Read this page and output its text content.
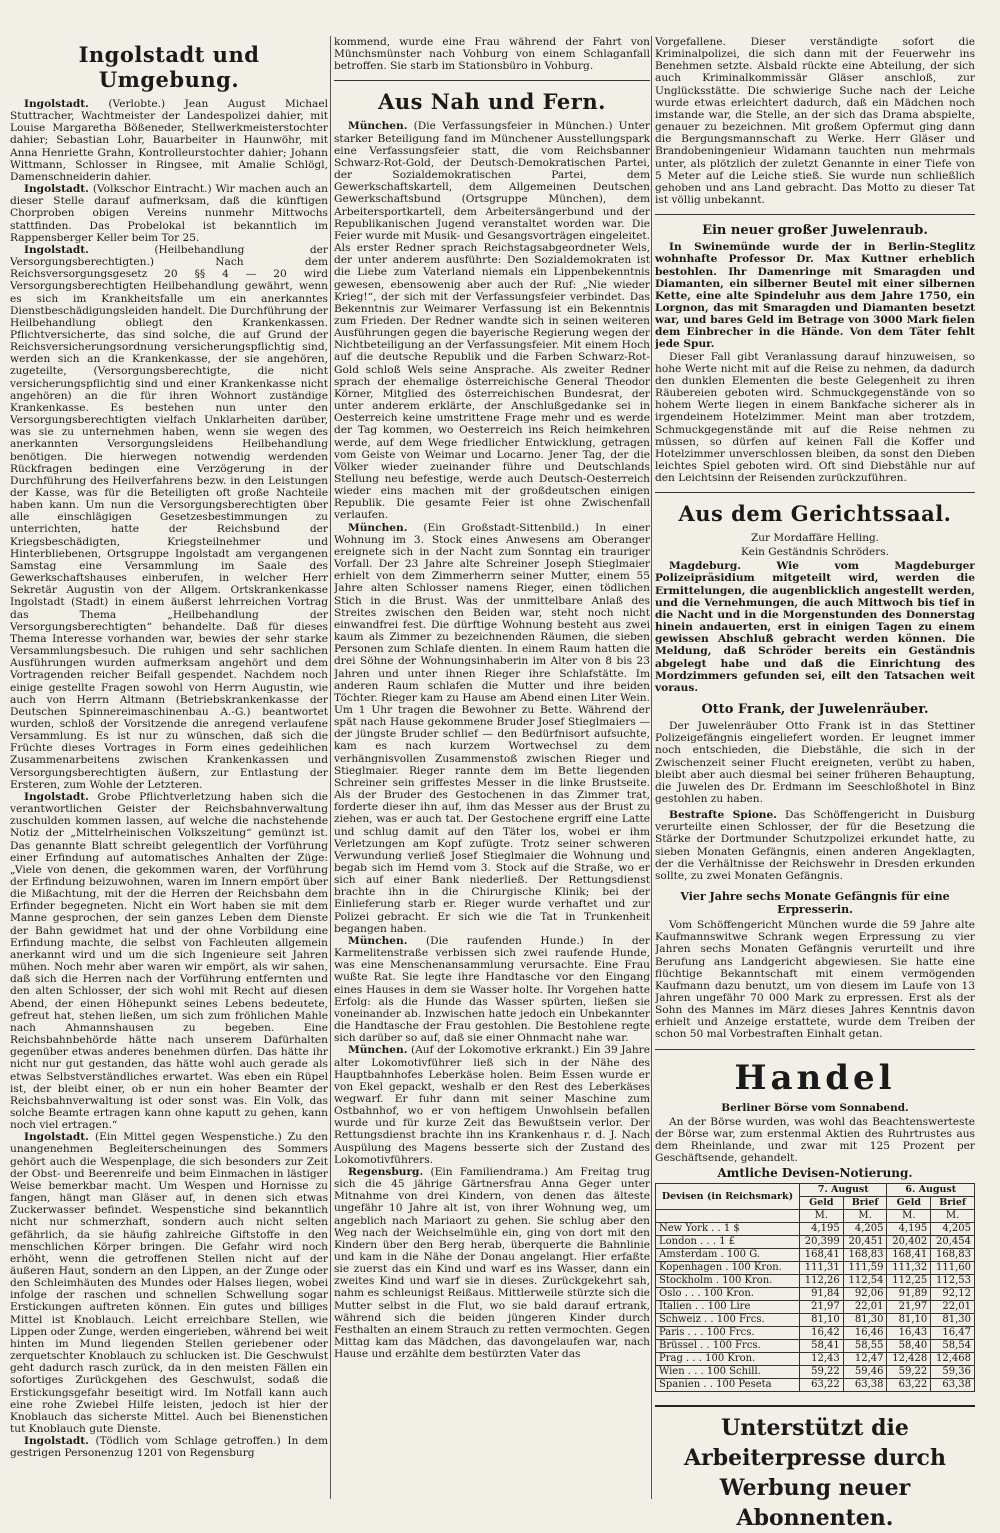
Ingolstadt und Umgebung.

Ingolstadt. (Verlobte.) Jean August Michael Stuttracher, Wachtmeister der Landespolizei dahier, mit Louise Margaretha Bößeneder, Stellwerkmeisterstochter dahier; Sebastian Lohr, Bauarbeiter in Haunwöhr, mit Anna Henriette Grahn, Kontrolleurstochter dahier; Johann Wittmann, Schlosser in Ringsee, mit Amalie Schlögl, Damenschneiderin dahier.

Ingolstadt. (Volkschor Eintracht.) Wir machen auch an dieser Stelle darauf aufmerksam, daß die künftigen Chorproben obigen Vereins nunmehr Mittwochs stattfinden. Das Probelokal ist bekanntlich im Rappensberger Keller beim Tor 25.

Ingolstadt.	(Heilbehandlung der Versorgungsberechtigten.) Nach dem Reichsversorgungsgesetz 20 §§ 4 — 20 wird Versorgungsberechtigten Heilbehandlung gewährt, wenn es sich im Krankheitsfalle um ein anerkanntes Dienstbeschädigungsleiden handelt. Die Durchführung der Heilbehandlung obliegt den Krankenkassen. Pflichtversicherte, das sind solche, die auf Grund der Reichsversicherungsordnung versicherungspflichtig sind, werden sich an die Krankenkasse, der sie angehören, zugeteilte, (Versorgungsberechtigte, die nicht versicherungspflichtig sind und einer Krankenkasse nicht angehören) an die für ihren Wohnort zuständige Krankenkasse. Es bestehen nun unter den Versorgungsberechtigten vielfach Unklarheiten darüber, was sie zu unternehmen haben, wenn sie wegen des anerkannten Versorgungsleidens Heilbehandlung benötigen. Die hierwegen notwendig werdenden Rückfragen bedingen eine Verzögerung in der Durchführung des Heilverfahrens bezw. in den Leistungen der Kasse, was für die Beteiligten oft große Nachteile haben kann. Um nun die Versorgungsberechtigten über alle einschlägigen Gesetzesbestimmungen zu unterrichten, hatte der Reichsbund der Kriegsbeschädigten, Kriegsteilnehmer und Hinterbliebenen, Ortsgruppe Ingolstadt am vergangenen Samstag eine Versammlung im Saale des Gewerkschaftshauses einberufen, in welcher Herr Sekretär Augustin von der Allgem. Ortskrankenkasse Ingolstadt (Stadt) in einem äußerst lehrreichen Vortrag das Thema „Heilbehandlung der Versorgungsberechtigten“ behandelte. Daß für dieses Thema Interesse vorhanden war, bewies der sehr starke Versammlungsbesuch. Die ruhigen und sehr sachlichen Ausführungen wurden aufmerksam angehört und dem Vortragenden reicher Beifall gespendet. Nachdem noch einige gestellte Fragen sowohl von Herrn Augustin, wie auch von Herrn Altmann (Betriebskrankenkasse der Deutschen Spinnereimaschinenbau A.-G.) beantwortet wurden, schloß der Vorsitzende die anregend verlaufene Versammlung. Es ist nur zu wünschen, daß sich die Früchte dieses Vortrages in Form eines gedeihlichen Zusammenarbeitens zwischen Krankenkassen und Versorgungsberechtigten äußern, zur Entlastung der Ersteren, zum Wohle der Letzteren.

Ingolstadt. Grobe Pflichtverletzung haben sich die verantwortlichen Geister der Reichsbahnverwaltung zuschulden kommen lassen, auf welche die nachstehende Notiz der „Mittelrheinischen Volkszeitung“ gemünzt ist. Das genannte Blatt schreibt gelegentlich der Vorführung einer Erfindung auf automatisches Anhalten der Züge: „Viele von denen, die gekommen waren, der Vorführung der Erfindung beizuwohnen, waren im Innern empört über die Mißachtung, mit der die Herren der Reichsbahn dem Erfinder begegneten. Nicht ein Wort haben sie mit dem Manne gesprochen, der sein ganzes Leben dem Dienste der Bahn gewidmet hat und der ohne Vorbildung eine Erfindung machte, die selbst von Fachleuten allgemein anerkannt wird und um die sich Ingenieure seit Jahren mühen. Noch mehr aber waren wir empört, als wir sahen, daß sich die Herren nach der Vorführung entfernten und den alten Schlosser, der sich wohl mit Recht auf diesen Abend, der einen Höhepunkt seines Lebens bedeutete, gefreut hat, stehen ließen, um sich zum fröhlichen Mahle nach Ahmannshausen zu begeben. Eine Reichsbahnbehörde hätte nach unserem Dafürhalten gegenüber etwas anderes benehmen dürfen. Das hätte ihr nicht nur gut gestanden, das hätte wohl auch gerade als etwas Selbstverständliches erwartet. Was eben ein Rüpel ist, der bleibt einer, ob er nun ein hoher Beamter der Reichsbahnverwaltung ist oder sonst was. Ein Volk, das solche Beamte ertragen kann ohne kaputt zu gehen, kann noch viel ertragen.“

Ingolstadt. (Ein Mittel gegen Wespenstiche.) Zu den unangenehmen Begleiterscheinungen des Sommers gehört auch die Wespenplage, die sich besonders zur Zeit der Obst- und Beerenreife und beim Einmachen in lästiger Weise bemerkbar macht. Um Wespen und Hornisse zu fangen, hängt man Gläser auf, in denen sich etwas Zuckerwasser befindet. Wespenstiche sind bekanntlich nicht nur schmerzhaft, sondern auch nicht selten gefährlich, da sie häufig zahlreiche Giftstoffe in den menschlichen Körper bringen. Die Gefahr wird noch erhöht, wenn die getroffenen Stellen nicht auf der äußeren Haut, sondern an den Lippen, an der Zunge oder den Schleimhäuten des Mundes oder Halses liegen, wobei infolge der raschen und schnellen Schwellung sogar Erstickungen auftreten können. Ein gutes und billiges Mittel ist Knoblauch. Leicht erreichbare Stellen, wie Lippen oder Zunge, werden eingerieben, während bei weit hinten im Mund liegenden Stellen geriebener oder zerquetschter Knoblauch zu schlucken ist. Die Geschwulst geht dadurch rasch zurück, da in den meisten Fällen ein sofortiges Zurückgehen des Geschwulst, sodaß die Erstickungsgefahr beseitigt wird. Im Notfall kann auch eine rohe Zwiebel Hilfe leisten, jedoch ist hier der Knoblauch das sicherste Mittel. Auch bei Bienenstichen tut Knoblauch gute Dienste.

Ingolstadt. (Tödlich vom Schlage getroffen.) In dem gestrigen Personenzug 1201 von Regensburg

kommend, wurde eine Frau während der Fahrt von Münchsmünster nach Vohburg von einem Schlaganfall betroffen. Sie starb im Stationsbüro in Vohburg.

Aus Nah und Fern.

München. (Die Verfassungsfeier in München.) Unter starker Beteiligung fand im Münchener Ausstellungspark eine Verfassungsfeier statt, die vom Reichsbanner Schwarz-Rot-Gold, der Deutsch-Demokratischen Partei, der Sozialdemokratischen Partei, dem Gewerkschaftskartell, dem Allgemeinen Deutschen Gewerkschaftsbund (Ortsgruppe München), dem Arbeitersportkartell, dem Arbeitersängerbund und der Republikanischen Jugend veranstaltet worden war. Die Feier wurde mit Musik- und Gesangsvorträgen eingeleitet. Als erster Redner sprach Reichstagsabgeordneter Wels, der unter anderem ausführte: Den Sozialdemokraten ist die Liebe zum Vaterland niemals ein Lippenbekenntnis gewesen, ebensowenig aber auch der Ruf: „Nie wieder Krieg!“, der sich mit der Verfassungsfeier verbindet. Das Bekenntnis zur Weimarer Verfassung ist ein Bekenntnis zum Frieden. Der Redner wandte sich in seinen weiteren Ausführungen gegen die bayerische Regierung wegen der Nichtbeteiligung an der Verfassungsfeier. Mit einem Hoch auf die deutsche Republik und die Farben Schwarz-Rot-Gold schloß Wels seine Ansprache. Als zweiter Redner sprach der ehemalige österreichische General Theodor Körner, Mitglied des österreichischen Bundesrat, der unter anderem erklärte, der Anschlußgedanke sei in Oesterreich keine umstrittene Frage mehr und es werde der Tag kommen, wo Oesterreich ins Reich heimkehren werde, auf dem Wege friedlicher Entwicklung, getragen vom Geiste von Weimar und Locarno. Jener Tag, der die Völker wieder zueinander führe und Deutschlands Stellung neu befestige, werde auch Deutsch-Oesterreich wieder eins machen mit der großdeutschen einigen Republik. Die gesamte Feier ist ohne Zwischenfall verlaufen.

München. (Ein Großstadt-Sittenbild.) In einer Wohnung im 3. Stock eines Anwesens am Oberanger ereignete sich in der Nacht zum Sonntag ein trauriger Vorfall. Der 23 Jahre alte Schreiner Joseph Stieglmaier erhielt von dem Zimmerherrn seiner Mutter, einem 55 Jahre alten Schlosser namens Rieger, einen tödlichen Stich in die Brust. Was der unmittelbare Anlaß des Streites zwischen den Beiden war, steht noch nicht einwandfrei fest. Die dürftige Wohnung besteht aus zwei kaum als Zimmer zu bezeichnenden Räumen, die sieben Personen zum Schlafe dienten. In einem Raum hatten die drei Söhne der Wohnungsinhaberin im Alter von 8 bis 23 Jahren und unter ihnen Rieger ihre Schlafstätte. Im anderen Raum schlafen die Mutter und ihre beiden Töchter. Rieger kam zu Hause am Abend einen Liter Wein. Um 1 Uhr tragen die Bewohner zu Bette. Während der spät nach Hause gekommene Bruder Josef Stieglmaiers — der jüngste Bruder schlief — den Bedürfnisort aufsuchte, kam es nach kurzem Wortwechsel zu dem verhängnisvollen Zusammenstoß zwischen Rieger und Stieglmaier. Rieger rannte dem im Bette liegenden Schreiner sein griffestes Messer in die linke Brustseite. Als der Bruder des Gestochenen in das Zimmer trat, forderte dieser ihn auf, ihm das Messer aus der Brust zu ziehen, was er auch tat. Der Gestochene ergriff eine Latte und schlug damit auf den Täter los, wobei er ihm Verletzungen am Kopf zufügte. Trotz seiner schweren Verwundung verließ Josef Stieglmaier die Wohnung und begab sich im Hemd vom 3. Stock auf die Straße, wo er sich auf einer Bank niederließ. Der Rettungsdienst brachte ihn in die Chirurgische Klinik; bei der Einlieferung starb er. Rieger wurde verhaftet und zur Polizei gebracht. Er sich wie die Tat in Trunkenheit begangen haben.

München. (Die raufenden Hunde.) In der Karmelitenstraße verbissen sich zwei raufende Hunde, was eine Menschenansammlung verursachte. Eine Frau wußte Rat. Sie legte ihre Handtasche vor den Eingang eines Hauses in dem sie Wasser holte. Ihr Vorgehen hatte Erfolg: als die Hunde das Wasser spürten, ließen sie voneinander ab. Inzwischen hatte jedoch ein Unbekannter die Handtasche der Frau gestohlen. Die Bestohlene regte sich darüber so auf, daß sie einer Ohnmacht nahe war.

München. (Auf der Lokomotive erkrankt.) Ein 39 Jahre alter Lokomotivführer ließ sich in der Nähe des Hauptbahnhofes Leberkäse holen. Beim Essen wurde er von Ekel gepackt, weshalb er den Rest des Leberkäses wegwarf. Er fuhr dann mit seiner Maschine zum Ostbahnhof, wo er von heftigem Unwohlsein befallen wurde und für kurze Zeit das Bewußtsein verlor. Der Rettungsdienst brachte ihn ins Krankenhaus r. d. J. Nach Auspülung des Magens besserte sich der Zustand des Lokomotivführers.

Regensburg. (Ein Familiendrama.) Am Freitag trug sich die 45 jährige Gärtnersfrau Anna Geger unter Mitnahme von drei Kindern, von denen das älteste ungefähr 10 Jahre alt ist, von ihrer Wohnung weg, um angeblich nach Mariaort zu gehen. Sie schlug aber den Weg nach der Weichselmühle ein, ging von dort mit den Kindern über den Berg herab, überquerte die Bahnlinie und kam in die Nähe der Donau angelangt. Hier erfaßte sie zuerst das ein Kind und warf es ins Wasser, dann ein zweites Kind und warf sie in dieses. Zurückgekehrt sah, nahm es schleunigst Reißaus. Mittlerweile stürzte sich die Mutter selbst in die Flut, wo sie bald darauf ertrank, während sich die beiden jüngeren Kinder durch Festhalten an einem Strauch zu retten vermochten. Gegen Mittag kam das Mädchen, das davongelaufen war, nach Hause und erzählte dem bestürzten Vater das

Vorgefallene. Dieser verständigte sofort die Kriminalpolizei, die sich dann mit der Feuerwehr ins Benehmen setzte. Alsbald rückte eine Abteilung, der sich auch Kriminalkommissär Gläser anschloß, zur Unglücksstätte. Die schwierige Suche nach der Leiche wurde etwas erleichtert dadurch, daß ein Mädchen noch imstande war, die Stelle, an der sich das Drama abspielte, genauer zu bezeichnen. Mit großem Opfermut ging dann die Bergungsmannschaft zu Werke. Herr Gläser und Brandobeningenieur Widamann tauchten nun mehrmals unter, als plötzlich der zuletzt Genannte in einer Tiefe von 5 Meter auf die Leiche stieß. Sie wurde nun schließlich gehoben und ans Land gebracht. Das Motto zu dieser Tat ist völlig unbekannt.

Ein neuer großer Juwelenraub.

In Swinemünde wurde der in Berlin-Steglitz wohnhafte Professor Dr. Max Kuttner erheblich bestohlen. Ihr Damenringe mit Smaragden und Diamanten, ein silberner Beutel mit einer silbernen Kette, eine alte Spindeluhr aus dem Jahre 1750, ein Lorgnon, das mit Smaragden und Diamanten besetzt war, und bares Geld im Betrage von 3000 Mark fielen dem Einbrecher in die Hände. Von dem Täter fehlt jede Spur.

Dieser Fall gibt Veranlassung darauf hinzuweisen, so hohe Werte nicht mit auf die Reise zu nehmen, da dadurch den dunklen Elementen die beste Gelegenheit zu ihren Räubereien geboten wird. Schmuckgegenstände von so hohem Werte liegen in einem Bankfache sicherer als in irgendeinem Hotelzimmer. Meint man aber trotzdem, Schmuckgegenstände mit auf die Reise nehmen zu müssen, so dürfen auf keinen Fall die Koffer und Hotelzimmer unverschlossen bleiben, da sonst den Dieben leichtes Spiel geboten wird. Oft sind Diebstähle nur auf den Leichtsinn der Reisenden zurückzuführen.

Aus dem Gerichtssaal.
Zur Mordaffäre Helling.
Kein Geständnis Schröders.

Magdeburg. Wie vom Magdeburger Polizeipräsidium mitgeteilt wird, werden die Ermittelungen, die augenblicklich angestellt werden, und die Vernehmungen, die auch Mittwoch bis tief in die Nacht und in die Morgenstunden des Donnerstag hinein andauerten, erst in einigen Tagen zu einem gewissen Abschluß gebracht werden können. Die Meldung, daß Schröder bereits ein Geständnis abgelegt habe und daß die Einrichtung des Mordzimmers gefunden sei, eilt den Tatsachen weit voraus.

Otto Frank, der Juwelenräuber.

Der Juwelenräuber Otto Frank ist in das Stettiner Polizeigefängnis eingeliefert worden. Er leugnet immer noch entschieden, die Diebstähle, die sich in der Zwischenzeit seiner Flucht ereigneten, verübt zu haben, bleibt aber auch diesmal bei seiner früheren Behauptung, die Juwelen des Dr. Erdmann im Seeschloßhotel in Binz gestohlen zu haben.

Bestrafte Spione. Das Schöffengericht in Duisburg verurteilte einen Schlosser, der für die Besetzung die Stärke der Dortmunder Schutzpolizei erkundet hatte, zu sieben Monaten Gefängnis, einen anderen Angeklagten, der die Verhältnisse der Reichswehr in Dresden erkunden sollte, zu zwei Monaten Gefängnis.

Vier Jahre sechs Monate Gefängnis für eine Erpresserin.

Vom Schöffengericht München wurde die 59 Jahre alte Kaufmannswitwe Schrank wegen Erpressung zu vier Jahren sechs Monaten Gefängnis verurteilt und ihre Berufung ans Landgericht abgewiesen. Sie hatte eine flüchtige Bekanntschaft mit einem vermögenden Kaufmann dazu benutzt, um von diesem im Laufe von 13 Jahren ungefähr 70 000 Mark zu erpressen. Erst als der Sohn des Mannes im März dieses Jahres Kenntnis davon erhielt und Anzeige erstattete, wurde dem Treiben der schon 50 mal Vorbestraften Einhalt getan.

Handel
Berliner Börse vom Sonnabend.

An der Börse wurden, was wohl das Beachtenswerteste der Börse war, zum erstenmal Aktien des Ruhrtrustes aus dem Rheinlande, und zwar mit 125 Prozent per Geschäftsende, gehandelt.

Amtliche Devisen-Notierung.
Devisen (in Reichsmark)	7. August		6. August	
	Geld	Brief	Geld	Brief
	M.	M.	M.	M.
New York . . 1 $	4,195	4,205	4,195	4,205
London . . . 1 £	20,399	20,451	20,402	20,454
Amsterdam . 100 G.	168,41	168,83	168,41	168,83
Kopenhagen . 100 Kron.	111,31	111,59	111,32	111,60
Stockholm . 100 Kron.	112,26	112,54	112,25	112,53
Oslo . . . 100 Kron.	91,84	92,06	91,89	92,12
Italien . . 100 Lire	21,97	22,01	21,97	22,01
Schweiz . . 100 Frcs.	81,10	81,30	81,10	81,30
Paris . . . 100 Frcs.	16,42	16,46	16,43	16,47
Brüssel . . 100 Frcs.	58,41	58,55	58,40	58,54
Prag . . . 100 Kron.	12,43	12,47	12,428	12,468
Wien . . . 100 Schill.	59,22	59,46	59,22	59,36
Spanien . . 100 Peseta	63,22	63,38	63,22	63,38
Unterstützt die Arbeiterpresse durch
Werbung neuer Abonnenten.
